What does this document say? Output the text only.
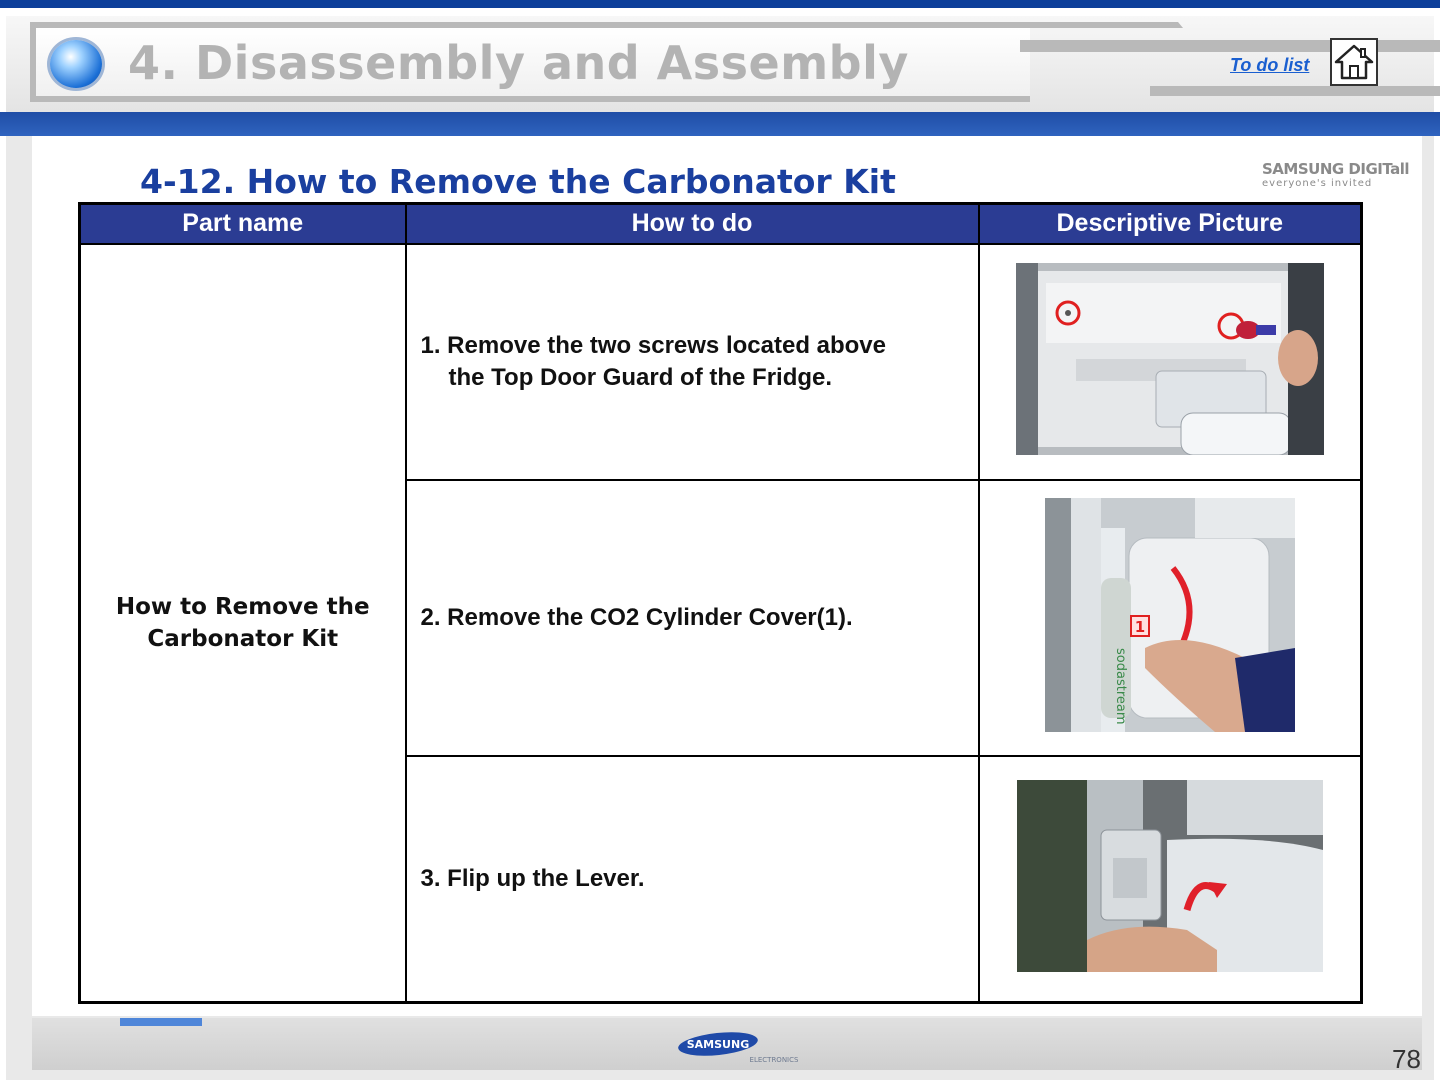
4. Disassembly and Assembly	To do list
4-12. How to Remove the Carbonator Kit	SAMSUNG DIGITall
everyone's invited
Part name	How to do	Descriptive Picture
How to Remove the
Carbonator Kit	1. Remove the two screws located above
the Top Door Guard of the Fridge.

	2. Remove the CO2 Cylinder Cover(1).	sodastream
1

	3. Flip up the Lever.	
SAMSUNG
ELECTRONICS	78
